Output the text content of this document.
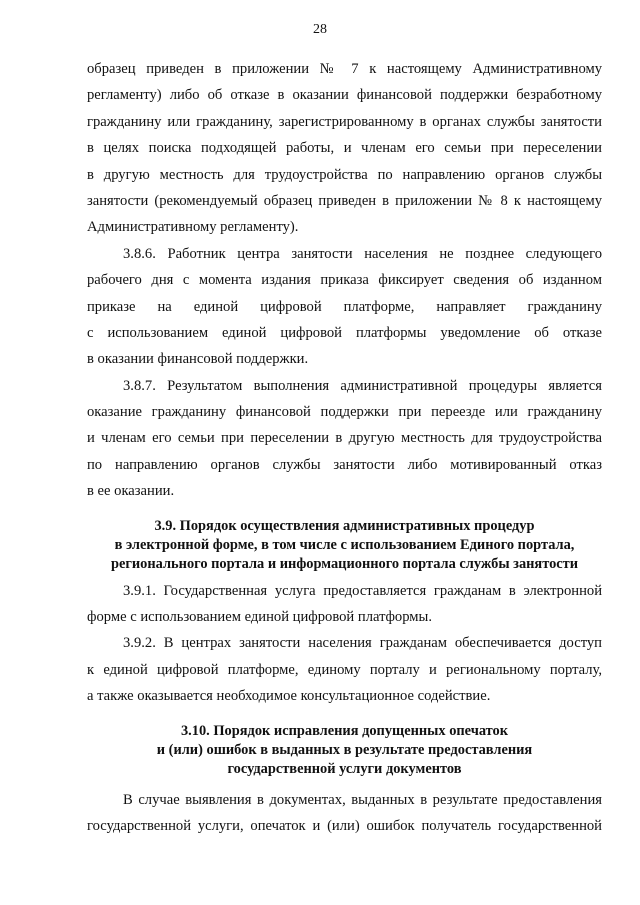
28
образец приведен в приложении № 7 к настоящему Административному
регламенту) либо об отказе в оказании финансовой поддержки безработному
гражданину или гражданину, зарегистрированному в органах службы занятости
в целях поиска подходящей работы, и членам его семьи при переселении
в другую местность для трудоустройства по направлению органов службы
занятости (рекомендуемый образец приведен в приложении № 8 к настоящему
Административному регламенту).
3.8.6. Работник центра занятости населения не позднее следующего
рабочего дня с момента издания приказа фиксирует сведения об изданном
приказе на единой цифровой платформе, направляет гражданину
с использованием единой цифровой платформы уведомление об отказе
в оказании финансовой поддержки.
3.8.7. Результатом выполнения административной процедуры является
оказание гражданину финансовой поддержки при переезде или гражданину
и членам его семьи при переселении в другую местность для трудоустройства
по направлению органов службы занятости либо мотивированный отказ
в ее оказании.
3.9. Порядок осуществления административных процедур
в электронной форме, в том числе с использованием Единого портала,
регионального портала и информационного портала службы занятости
3.9.1. Государственная услуга предоставляется гражданам в электронной
форме с использованием единой цифровой платформы.
3.9.2. В центрах занятости населения гражданам обеспечивается доступ
к единой цифровой платформе, единому порталу и региональному порталу,
а также оказывается необходимое консультационное содействие.
3.10. Порядок исправления допущенных опечаток
и (или) ошибок в выданных в результате предоставления
государственной услуги документов
В случае выявления в документах, выданных в результате предоставления
государственной услуги, опечаток и (или) ошибок получатель государственной
